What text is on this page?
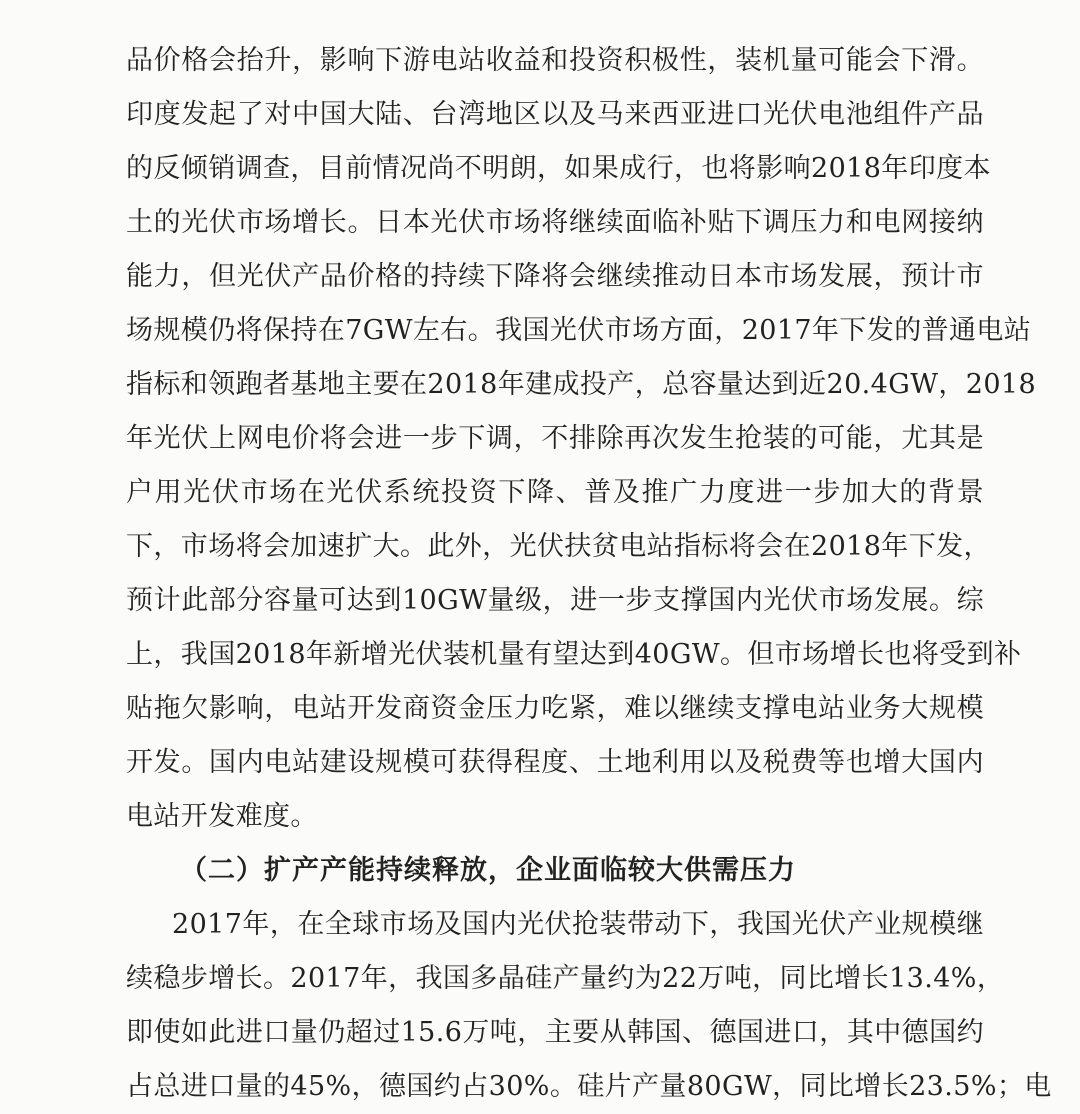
品价格会抬升，影响下游电站收益和投资积极性，装机量可能会下滑。
印度发起了对中国大陆、台湾地区以及马来西亚进口光伏电池组件产品
的反倾销调查，目前情况尚不明朗，如果成行，也将影响2018年印度本
土的光伏市场增长。日本光伏市场将继续面临补贴下调压力和电网接纳
能力，但光伏产品价格的持续下降将会继续推动日本市场发展，预计市
场规模仍将保持在7GW左右。我国光伏市场方面，2017年下发的普通电站
指标和领跑者基地主要在2018年建成投产，总容量达到近20.4GW，2018
年光伏上网电价将会进一步下调，不排除再次发生抢装的可能，尤其是
户用光伏市场在光伏系统投资下降、普及推广力度进一步加大的背景
下，市场将会加速扩大。此外，光伏扶贫电站指标将会在2018年下发，
预计此部分容量可达到10GW量级，进一步支撑国内光伏市场发展。综
上，我国2018年新增光伏装机量有望达到40GW。但市场增长也将受到补
贴拖欠影响，电站开发商资金压力吃紧，难以继续支撑电站业务大规模
开发。国内电站建设规模可获得程度、土地利用以及税费等也增大国内
电站开发难度。
（二）扩产产能持续释放，企业面临较大供需压力
2017年，在全球市场及国内光伏抢装带动下，我国光伏产业规模继
续稳步增长。2017年，我国多晶硅产量约为22万吨，同比增长13.4%，
即使如此进口量仍超过15.6万吨，主要从韩国、德国进口，其中德国约
占总进口量的45%，德国约占30%。硅片产量80GW，同比增长23.5%；电
